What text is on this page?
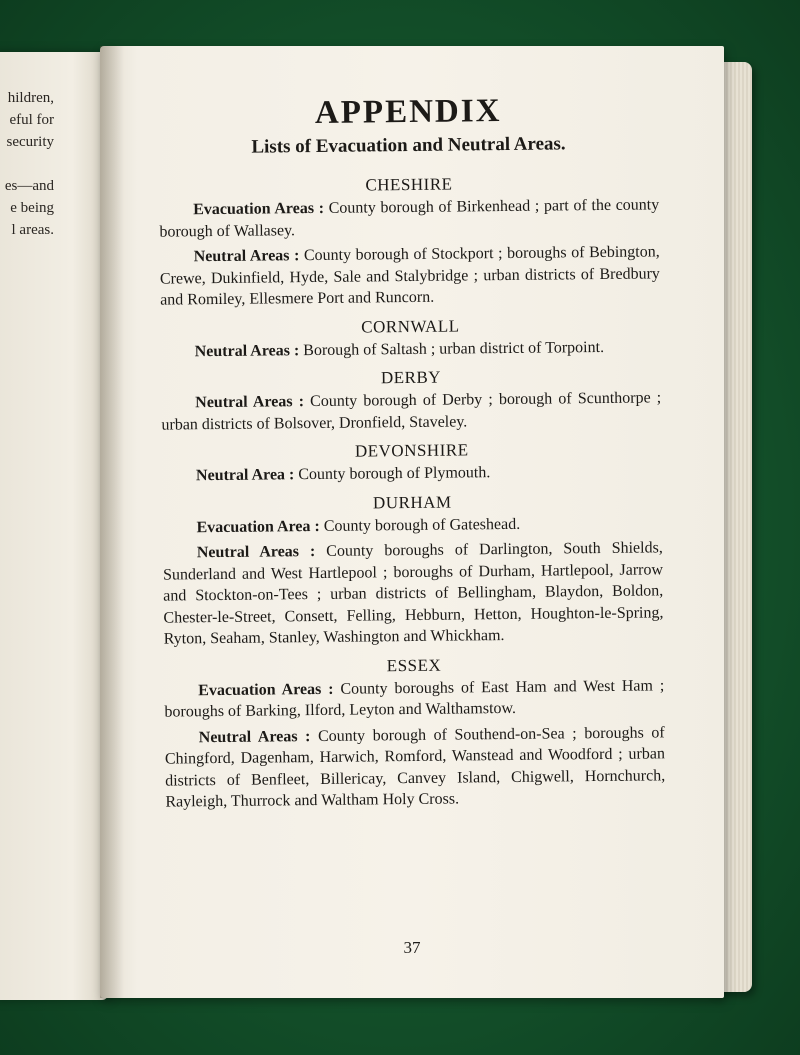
hildren,
eful for
security
es—and
e being
l areas.
APPENDIX
Lists of Evacuation and Neutral Areas.
CHESHIRE

Evacuation Areas : County borough of Birkenhead ; part of the county borough of Wallasey.

Neutral Areas : County borough of Stockport ; boroughs of Bebington, Crewe, Dukinfield, Hyde, Sale and Stalybridge ; urban districts of Bredbury and Romiley, Ellesmere Port and Runcorn.

CORNWALL

Neutral Areas : Borough of Saltash ; urban district of Torpoint.

DERBY

Neutral Areas : County borough of Derby ; borough of Scunthorpe ; urban districts of Bolsover, Dronfield, Staveley.

DEVONSHIRE

Neutral Area : County borough of Plymouth.

DURHAM

Evacuation Area : County borough of Gateshead.

Neutral Areas : County boroughs of Darlington, South Shields, Sunderland and West Hartlepool ; boroughs of Durham, Hartlepool, Jarrow and Stockton-on-Tees ; urban districts of Bellingham, Blaydon, Boldon, Chester-le-Street, Consett, Felling, Hebburn, Hetton, Houghton-le-Spring, Ryton, Seaham, Stanley, Washington and Whickham.

ESSEX

Evacuation Areas : County boroughs of East Ham and West Ham ; boroughs of Barking, Ilford, Leyton and Walthamstow.

Neutral Areas : County borough of Southend-on-Sea ; boroughs of Chingford, Dagenham, Harwich, Romford, Wanstead and Woodford ; urban districts of Benfleet, Billericay, Canvey Island, Chigwell, Hornchurch, Rayleigh, Thurrock and Waltham Holy Cross.

37
